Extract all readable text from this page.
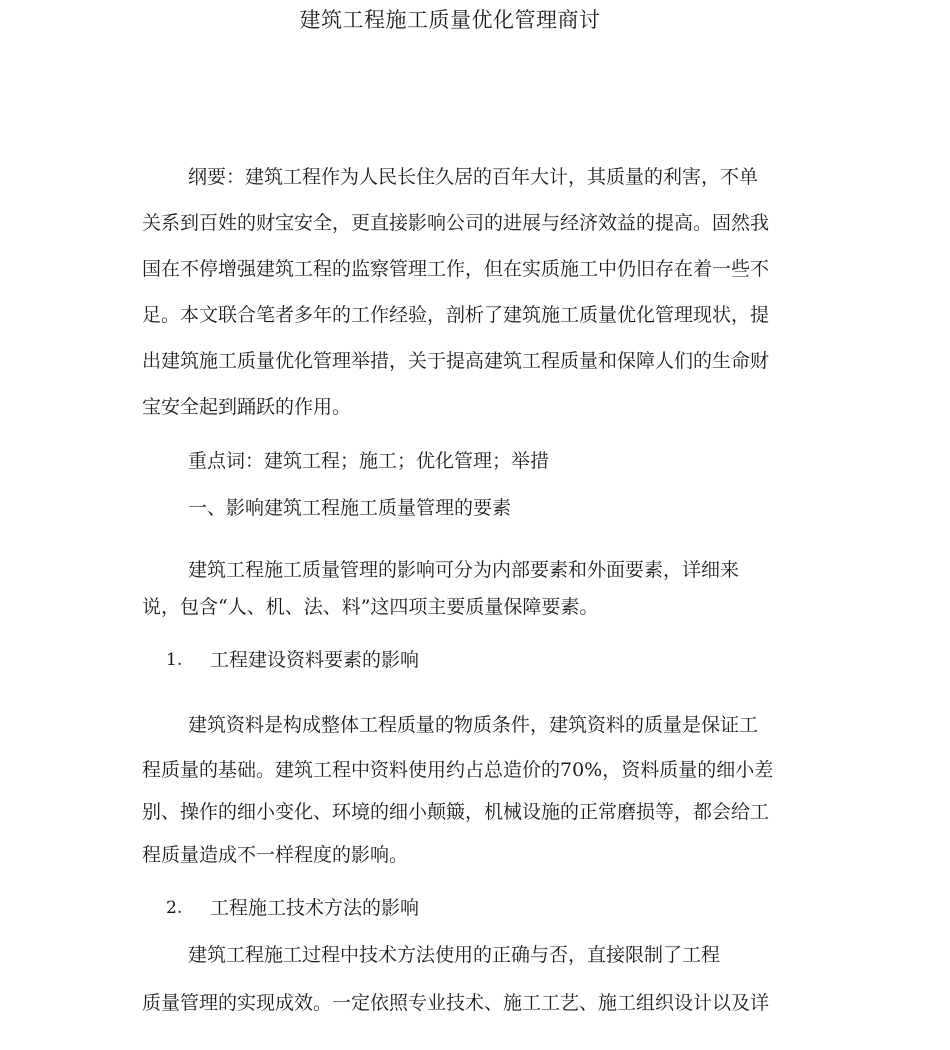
建筑工程施工质量优化管理商讨
纲要：建筑工程作为人民长住久居的百年大计，其质量的利害，不单
关系到百姓的财宝安全，更直接影响公司的进展与经济效益的提高。固然我
国在不停增强建筑工程的监察管理工作，但在实质施工中仍旧存在着一些不
足。本文联合笔者多年的工作经验，剖析了建筑施工质量优化管理现状，提
出建筑施工质量优化管理举措，关于提高建筑工程质量和保障人们的生命财
宝安全起到踊跃的作用。
重点词：建筑工程；施工；优化管理；举措
一、影响建筑工程施工质量管理的要素
建筑工程施工质量管理的影响可分为内部要素和外面要素，详细来
说，包含“人、机、法、料”这四项主要质量保障要素。
1. 工程建设资料要素的影响
建筑资料是构成整体工程质量的物质条件，建筑资料的质量是保证工
程质量的基础。建筑工程中资料使用约占总造价的70%，资料质量的细小差
别、操作的细小变化、环境的细小颠簸，机械设施的正常磨损等，都会给工
程质量造成不一样程度的影响。
2. 工程施工技术方法的影响
建筑工程施工过程中技术方法使用的正确与否，直接限制了工程
质量管理的实现成效。一定依照专业技术、施工工艺、施工组织设计以及详
